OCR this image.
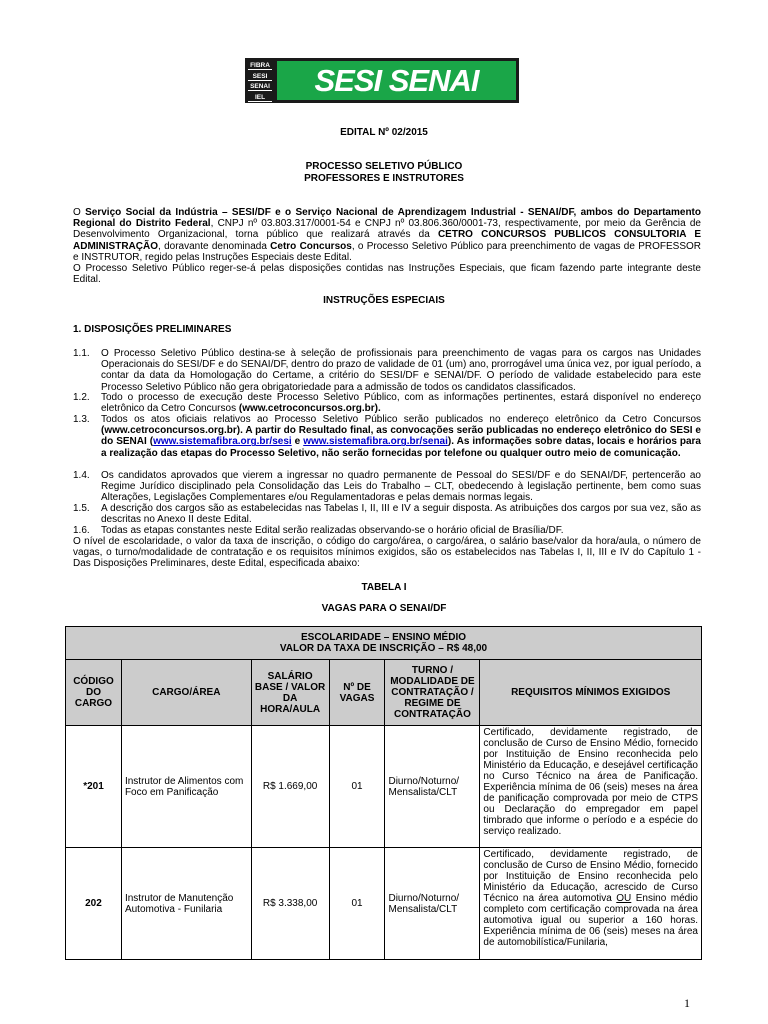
FIBRA
SESI
SENAI
IEL	SESI SENAI
EDITAL Nº 02/2015
PROCESSO SELETIVO PÚBLICO
PROFESSORES E INSTRUTORES
O Serviço Social da Indústria – SESI/DF e o Serviço Nacional de Aprendizagem Industrial - SENAI/DF, ambos do Departamento Regional do Distrito Federal, CNPJ nº 03.803.317/0001-54 e CNPJ nº 03.806.360/0001-73, respectivamente, por meio da Gerência de Desenvolvimento Organizacional, torna público que realizará através da CETRO CONCURSOS PUBLICOS CONSULTORIA E ADMINISTRAÇÃO, doravante denominada Cetro Concursos, o Processo Seletivo Público para preenchimento de vagas de PROFESSOR e INSTRUTOR, regido pelas Instruções Especiais deste Edital.
O Processo Seletivo Público reger-se-á pelas disposições contidas nas Instruções Especiais, que ficam fazendo parte integrante deste Edital.
INSTRUÇÕES ESPECIAIS
1. DISPOSIÇÕES PRELIMINARES
1.1.	O Processo Seletivo Público destina-se à seleção de profissionais para preenchimento de vagas para os cargos nas Unidades Operacionais do SESI/DF e do SENAI/DF, dentro do prazo de validade de 01 (um) ano, prorrogável uma única vez, por igual período, a contar da data da Homologação do Certame, a critério do SESI/DF e SENAI/DF. O período de validade estabelecido para este Processo Seletivo Público não gera obrigatoriedade para a admissão de todos os candidatos classificados.
1.2.	Todo o processo de execução deste Processo Seletivo Público, com as informações pertinentes, estará disponível no endereço eletrônico da Cetro Concursos (www.cetroconcursos.org.br).
1.3.	Todos os atos oficiais relativos ao Processo Seletivo Público serão publicados no endereço eletrônico da Cetro Concursos (www.cetroconcursos.org.br). A partir do Resultado final, as convocações serão publicadas no endereço eletrônico do SESI e do SENAI (www.sistemafibra.org.br/sesi e www.sistemafibra.org.br/senai). As informações sobre datas, locais e horários para a realização das etapas do Processo Seletivo, não serão fornecidas por telefone ou qualquer outro meio de comunicação.
1.4.	Os candidatos aprovados que vierem a ingressar no quadro permanente de Pessoal do SESI/DF e do SENAI/DF, pertencerão ao Regime Jurídico disciplinado pela Consolidação das Leis do Trabalho – CLT, obedecendo à legislação pertinente, bem como suas Alterações, Legislações Complementares e/ou Regulamentadoras e pelas demais normas legais.
1.5.	A descrição dos cargos são as estabelecidas nas Tabelas I, II, III e IV a seguir disposta. As atribuições dos cargos por sua vez, são as descritas no Anexo II deste Edital.
1.6.	Todas as etapas constantes neste Edital serão realizadas observando-se o horário oficial de Brasília/DF.
O nível de escolaridade, o valor da taxa de inscrição, o código do cargo/área, o cargo/área, o salário base/valor da hora/aula, o número de vagas, o turno/modalidade de contratação e os requisitos mínimos exigidos, são os estabelecidos nas Tabelas I, II, III e IV do Capítulo 1 - Das Disposições Preliminares, deste Edital, especificada abaixo:
TABELA I
VAGAS PARA O SENAI/DF
ESCOLARIDADE – ENSINO MÉDIO
VALOR DA TAXA DE INSCRIÇÃO – R$ 48,00					

CÓDIGO DO CARGO	CARGO/ÁREA	SALÁRIO BASE / VALOR DA HORA/AULA	Nº DE VAGAS	TURNO / MODALIDADE DE CONTRATAÇÃO / REGIME DE CONTRATAÇÃO	REQUISITOS MÍNIMOS EXIGIDOS
*201	Instrutor de Alimentos com Foco em Panificação	R$ 1.669,00	01	Diurno/Noturno/ Mensalista/CLT	Certificado, devidamente registrado, de conclusão de Curso de Ensino Médio, fornecido por Instituição de Ensino reconhecida pelo Ministério da Educação, e desejável certificação no Curso Técnico na área de Panificação. Experiência mínima de 06 (seis) meses na área de panificação comprovada por meio de CTPS ou Declaração do empregador em papel timbrado que informe o período e a espécie do serviço realizado.
202	Instrutor de Manutenção Automotiva - Funilaria	R$ 3.338,00	01	Diurno/Noturno/ Mensalista/CLT	Certificado, devidamente registrado, de conclusão de Curso de Ensino Médio, fornecido por Instituição de Ensino reconhecida pelo Ministério da Educação, acrescido de Curso Técnico na área automotiva OU Ensino médio completo com certificação comprovada na área automotiva igual ou superior a 160 horas. Experiência mínima de 06 (seis) meses na área de automobilística/Funilaria,
1
